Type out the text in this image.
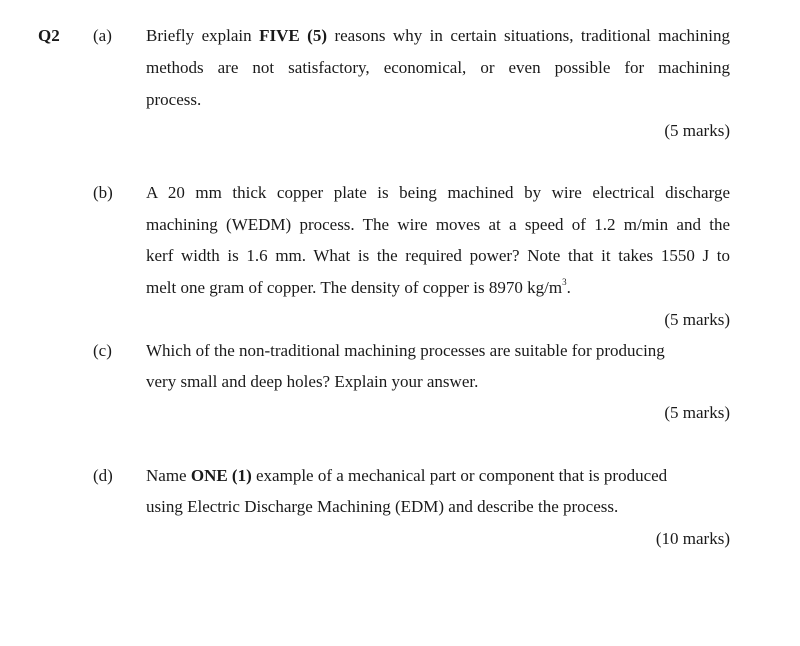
Q2 (a) Briefly explain FIVE (5) reasons why in certain situations, traditional machining
methods are not satisfactory, economical, or even possible for machining
process.
(5 marks)
(b) A 20 mm thick copper plate is being machined by wire electrical discharge
machining (WEDM) process. The wire moves at a speed of 1.2 m/min and the
kerf width is 1.6 mm. What is the required power? Note that it takes 1550 J to
melt one gram of copper. The density of copper is 8970 $kg/m^3$.
(5 marks)
(c) Which of the non-traditional machining processes are suitable for producing
very small and deep holes? Explain your answer.
(5 marks)
(d) Name ONE (1) example of a mechanical part or component that is produced
using Electric Discharge Machining (EDM) and describe the process.
(10 marks)
